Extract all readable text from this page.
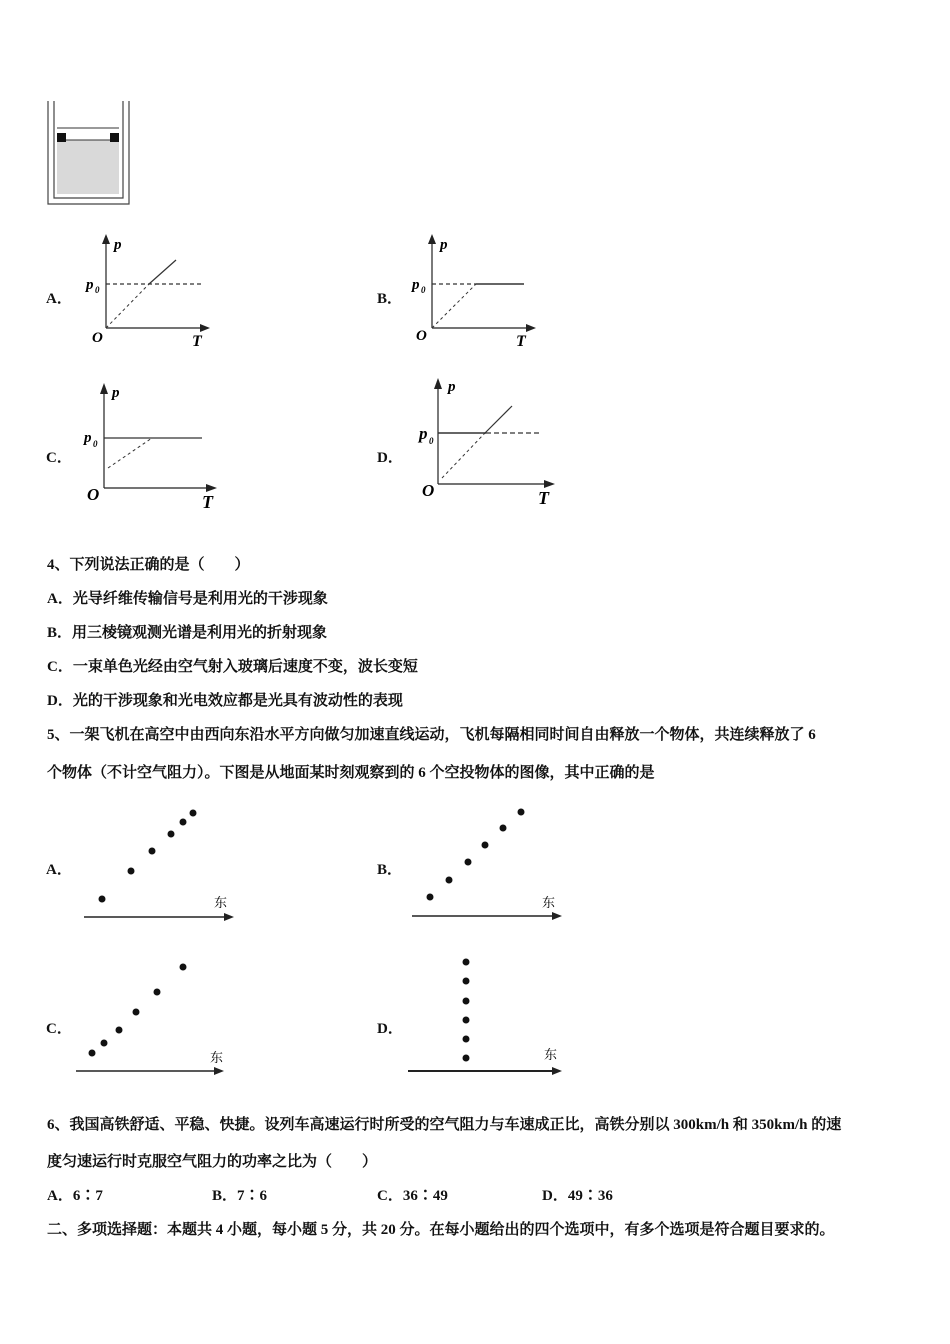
A．
p
p 0
O	T
B．
p
p 0
O	T
C．
p
p 0
O	T
D．
p
p 0
O	T
4、下列说法正确的是（　　）
A．光导纤维传输信号是利用光的干涉现象
B．用三棱镜观测光谱是利用光的折射现象
C．一束单色光经由空气射入玻璃后速度不变，波长变短
D．光的干涉现象和光电效应都是光具有波动性的表现
5、一架飞机在高空中由西向东沿水平方向做匀加速直线运动，飞机每隔相同时间自由释放一个物体，共连续释放了 6
个物体（不计空气阻力）。下图是从地面某时刻观察到的 6 个空投物体的图像，其中正确的是
A．
东
B．
东
C．
东
D．
东
6、我国高铁舒适、平稳、快捷。设列车高速运行时所受的空气阻力与车速成正比，高铁分别以 300km/h 和 350km/h 的速
度匀速运行时克服空气阻力的功率之比为（　　）
A．6∶7	B．7∶6	C．36∶49	D．49∶36
二、多项选择题：本题共 4 小题，每小题 5 分，共 20 分。在每小题给出的四个选项中，有多个选项是符合题目要求的。
